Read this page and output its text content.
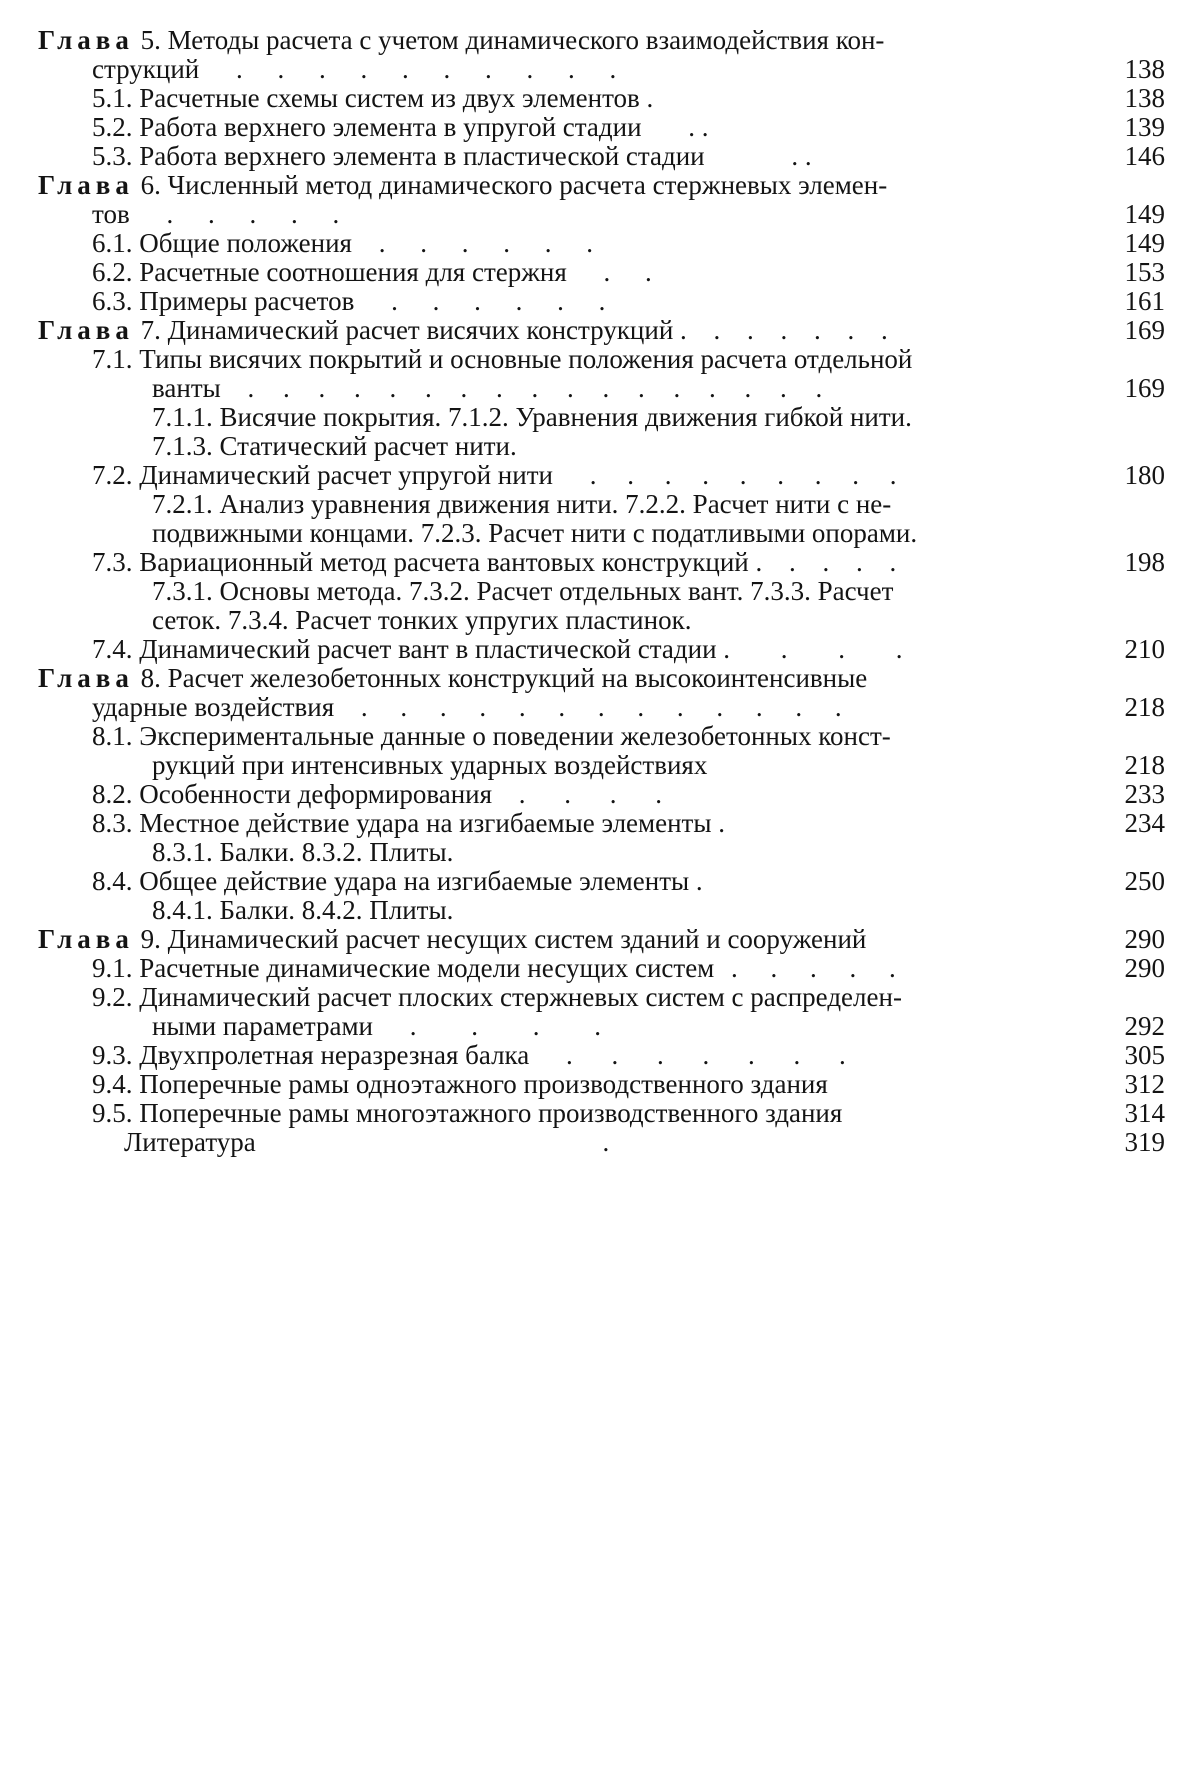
Глава 5. Методы расчета с учетом динамического взаимодействия кон-
струкций . . . . . . . . . .	138
5.1. Расчетные схемы систем из двух элементов .	138
5.2. Работа верхнего элемента в упругой стадии . .	139
5.3. Работа верхнего элемента в пластической стадии	. .	146
Глава 6. Численный метод динамического расчета стержневых элемен-
тов . . . . .	149
6.1. Общие положения . . . . . .	149
6.2. Расчетные соотношения для стержня . .	153
6.3. Примеры расчетов . . . . . .	161
Глава 7. Динамический расчет висячих конструкций . . . . . . .	169
7.1. Типы висячих покрытий и основные положения расчета отдельной
ванты . . . . . . . . . . . . . . . . .	169
7.1.1. Висячие покрытия. 7.1.2. Уравнения движения гибкой нити.
7.1.3. Статический расчет нити.
7.2. Динамический расчет упругой нити . . . . . . . . .	180
7.2.1. Анализ уравнения движения нити. 7.2.2. Расчет нити с не-
подвижными концами. 7.2.3. Расчет нити с податливыми опорами.
7.3. Вариационный метод расчета вантовых конструкций . . . . .	198
7.3.1. Основы метода. 7.3.2. Расчет отдельных вант. 7.3.3. Расчет
сеток. 7.3.4. Расчет тонких упругих пластинок.
7.4. Динамический расчет вант в пластической стадии . . . .	210
Глава 8. Расчет железобетонных конструкций на высокоинтенсивные
ударные воздействия . . . . . . . . . . . . .	218
8.1. Экспериментальные данные о поведении железобетонных конст-
рукций при интенсивных ударных воздействиях	218
8.2. Особенности деформирования . . . .	233
8.3. Местное действие удара на изгибаемые элементы .	234
8.3.1. Балки. 8.3.2. Плиты.
8.4. Общее действие удара на изгибаемые элементы .	250
8.4.1. Балки. 8.4.2. Плиты.
Глава 9. Динамический расчет несущих систем зданий и сооружений	290
9.1. Расчетные динамические модели несущих систем . . . . .	290
9.2. Динамический расчет плоских стержневых систем с распределен-
ными параметрами . . . .	292
9.3. Двухпролетная неразрезная балка . . . . . . .	305
9.4. Поперечные рамы одноэтажного производственного здания	312
9.5. Поперечные рамы многоэтажного производственного здания	314
Литература	.	319
